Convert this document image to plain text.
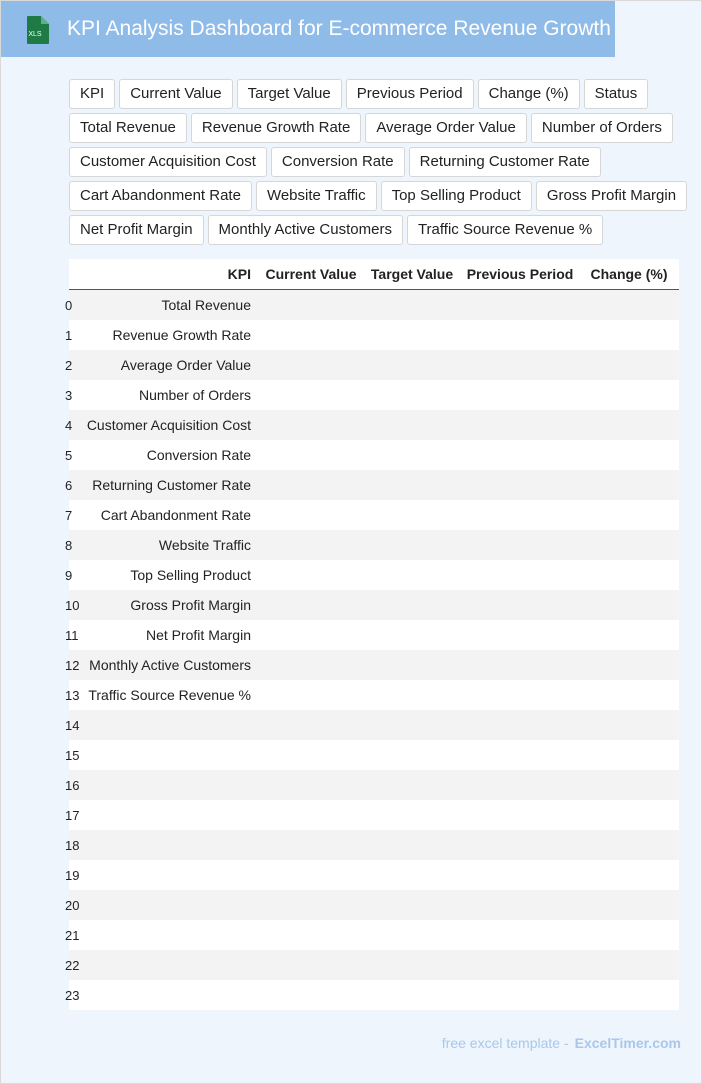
XLS KPI Analysis Dashboard for E-commerce Revenue Growth
KPI	Current Value	Target Value	Previous Period	Change (%)	Status
Total Revenue	Revenue Growth Rate	Average Order Value	Number of Orders
Customer Acquisition Cost	Conversion Rate	Returning Customer Rate
Cart Abandonment Rate	Website Traffic	Top Selling Product	Gross Profit Margin
Net Profit Margin	Monthly Active Customers	Traffic Source Revenue %
	KPI	Current Value	Target Value	Previous Period	Change (%)
0	Total Revenue				
1	Revenue Growth Rate				
2	Average Order Value				
3	Number of Orders				
4	Customer Acquisition Cost				
5	Conversion Rate				
6	Returning Customer Rate				
7	Cart Abandonment Rate				
8	Website Traffic				
9	Top Selling Product				
10	Gross Profit Margin				
11	Net Profit Margin				
12	Monthly Active Customers				
13	Traffic Source Revenue %				
14					
15					
16					
17					
18					
19					
20					
21					
22					
23					
free excel template - ExcelTimer.com
